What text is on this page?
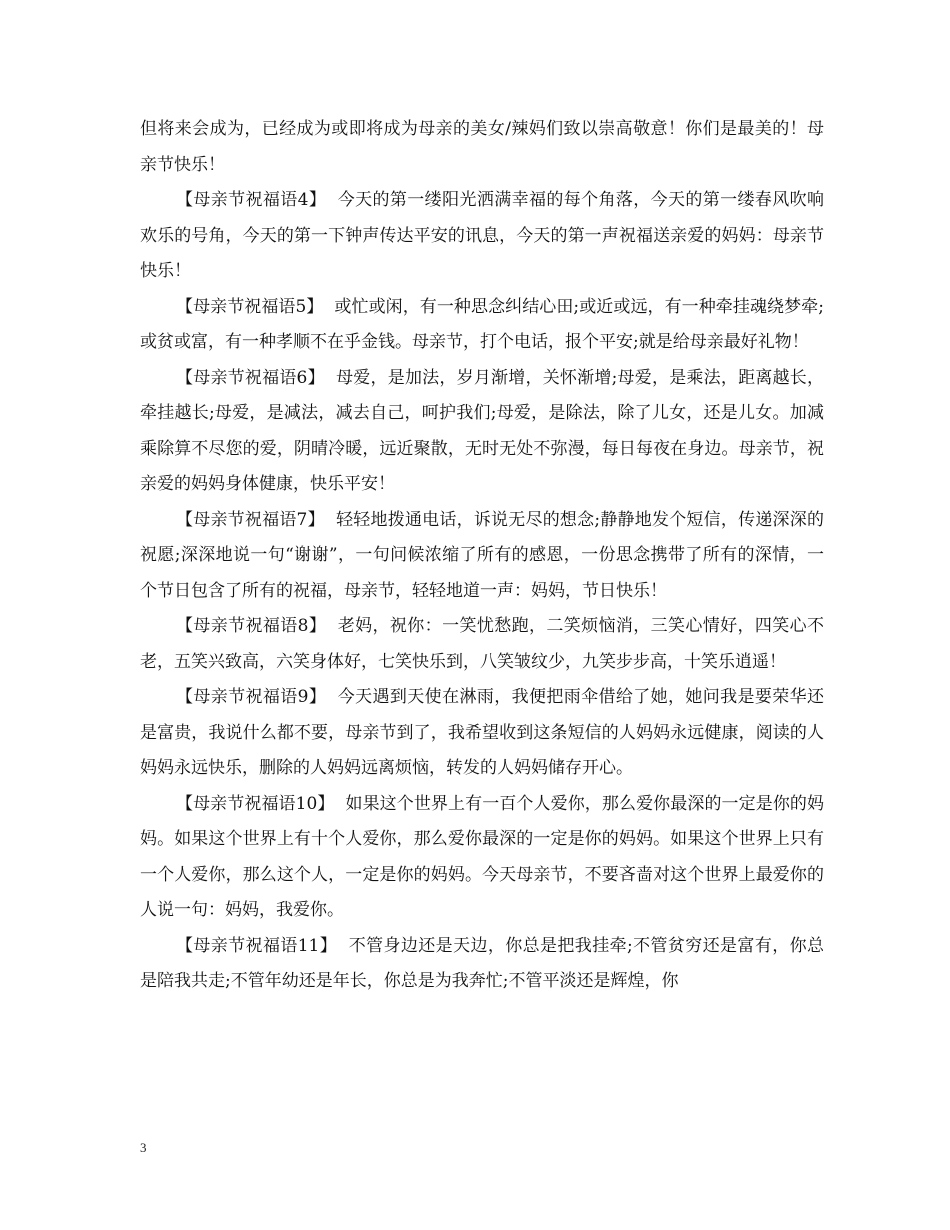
但将来会成为，已经成为或即将成为母亲的美女/辣妈们致以崇高敬意！你们是最美的！母亲节快乐！

【母亲节祝福语4】 今天的第一缕阳光洒满幸福的每个角落，今天的第一缕春风吹响欢乐的号角，今天的第一下钟声传达平安的讯息，今天的第一声祝福送亲爱的妈妈：母亲节快乐！

【母亲节祝福语5】 或忙或闲，有一种思念纠结心田;或近或远，有一种牵挂魂绕梦牵;或贫或富，有一种孝顺不在乎金钱。母亲节，打个电话，报个平安;就是给母亲最好礼物！

【母亲节祝福语6】 母爱，是加法，岁月渐增，关怀渐增;母爱，是乘法，距离越长，牵挂越长;母爱，是减法，减去自己，呵护我们;母爱，是除法，除了儿女，还是儿女。加减乘除算不尽您的爱，阴晴冷暖，远近聚散，无时无处不弥漫，每日每夜在身边。母亲节，祝亲爱的妈妈身体健康，快乐平安！

【母亲节祝福语7】 轻轻地拨通电话，诉说无尽的想念;静静地发个短信，传递深深的祝愿;深深地说一句“谢谢”，一句问候浓缩了所有的感恩，一份思念携带了所有的深情，一个节日包含了所有的祝福，母亲节，轻轻地道一声：妈妈，节日快乐！

【母亲节祝福语8】 老妈，祝你：一笑忧愁跑，二笑烦恼消，三笑心情好，四笑心不老，五笑兴致高，六笑身体好，七笑快乐到，八笑皱纹少，九笑步步高，十笑乐逍遥！

【母亲节祝福语9】 今天遇到天使在淋雨，我便把雨伞借给了她，她问我是要荣华还是富贵，我说什么都不要，母亲节到了，我希望收到这条短信的人妈妈永远健康，阅读的人妈妈永远快乐，删除的人妈妈远离烦恼，转发的人妈妈储存开心。

【母亲节祝福语10】 如果这个世界上有一百个人爱你，那么爱你最深的一定是你的妈妈。如果这个世界上有十个人爱你，那么爱你最深的一定是你的妈妈。如果这个世界上只有一个人爱你，那么这个人，一定是你的妈妈。今天母亲节，不要吝啬对这个世界上最爱你的人说一句：妈妈，我爱你。

【母亲节祝福语11】 不管身边还是天边，你总是把我挂牵;不管贫穷还是富有，你总是陪我共走;不管年幼还是年长，你总是为我奔忙;不管平淡还是辉煌，你

3
